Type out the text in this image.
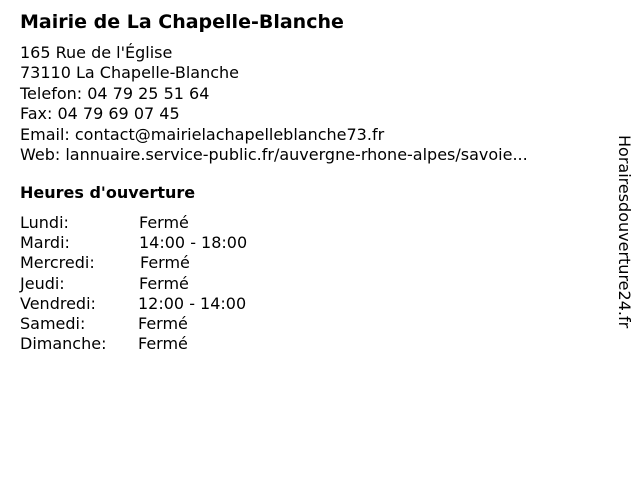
Mairie de La Chapelle-Blanche
165 Rue de l'Église
73110 La Chapelle-Blanche
Telefon: 04 79 25 51 64
Fax: 04 79 69 07 45
Email: contact@mairielachapelleblanche73.fr
Web: lannuaire.service-public.fr/auvergne-rhone-alpes/savoie...
Heures d'ouverture
Lundi:	Fermé
Mardi:	14:00 - 18:00
Mercredi:	Fermé
Jeudi:	Fermé
Vendredi:	12:00 - 14:00
Samedi:	Fermé
Dimanche: Fermé
Horairesdouverture24.fr
